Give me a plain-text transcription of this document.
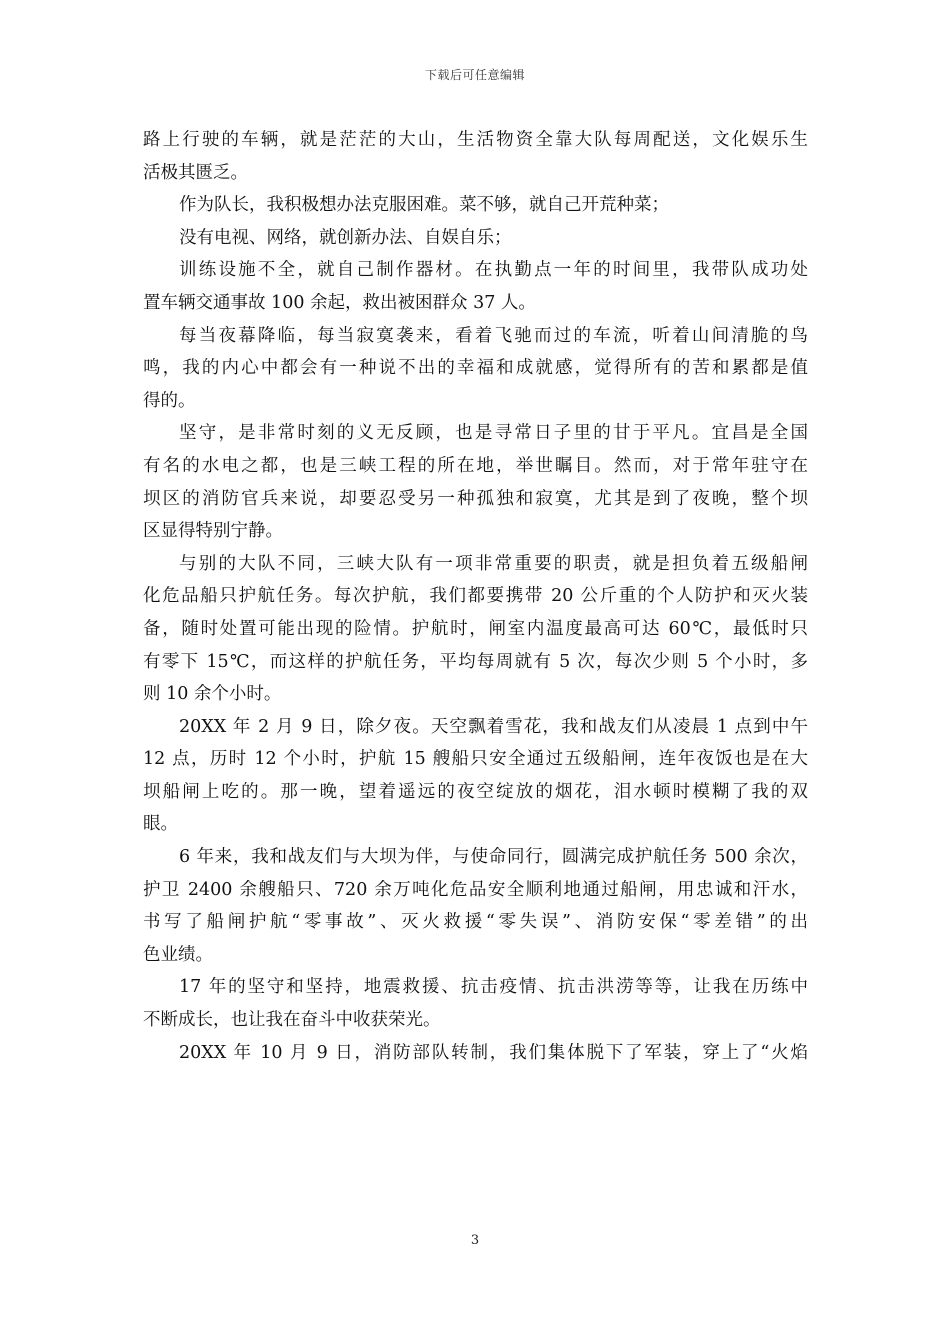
下载后可任意编辑
路上行驶的车辆，就是茫茫的大山，生活物资全靠大队每周配送，文化娱乐生
活极其匮乏。
作为队长，我积极想办法克服困难。菜不够，就自己开荒种菜；
没有电视、网络，就创新办法、自娱自乐；
训练设施不全，就自己制作器材。在执勤点一年的时间里，我带队成功处
置车辆交通事故 100 余起，救出被困群众 37 人。
每当夜幕降临，每当寂寞袭来，看着飞驰而过的车流，听着山间清脆的鸟
鸣，我的内心中都会有一种说不出的幸福和成就感，觉得所有的苦和累都是值
得的。
坚守，是非常时刻的义无反顾，也是寻常日子里的甘于平凡。宜昌是全国
有名的水电之都，也是三峡工程的所在地，举世瞩目。然而，对于常年驻守在
坝区的消防官兵来说，却要忍受另一种孤独和寂寞，尤其是到了夜晚，整个坝
区显得特别宁静。
与别的大队不同，三峡大队有一项非常重要的职责，就是担负着五级船闸
化危品船只护航任务。每次护航，我们都要携带 20 公斤重的个人防护和灭火装
备，随时处置可能出现的险情。护航时，闸室内温度最高可达 60℃，最低时只
有零下 15℃，而这样的护航任务，平均每周就有 5 次，每次少则 5 个小时，多
则 10 余个小时。
20XX 年 2 月 9 日，除夕夜。天空飘着雪花，我和战友们从凌晨 1 点到中午
12 点，历时 12 个小时，护航 15 艘船只安全通过五级船闸，连年夜饭也是在大
坝船闸上吃的。那一晚，望着遥远的夜空绽放的烟花，泪水顿时模糊了我的双
眼。
6 年来，我和战友们与大坝为伴，与使命同行，圆满完成护航任务 500 余次，
护卫 2400 余艘船只、720 余万吨化危品安全顺利地通过船闸，用忠诚和汗水，
书写了船闸护航“零事故”、灭火救援“零失误”、消防安保“零差错”的出
色业绩。
17 年的坚守和坚持，地震救援、抗击疫情、抗击洪涝等等，让我在历练中
不断成长，也让我在奋斗中收获荣光。
20XX 年 10 月 9 日，消防部队转制，我们集体脱下了军装，穿上了“火焰
3
